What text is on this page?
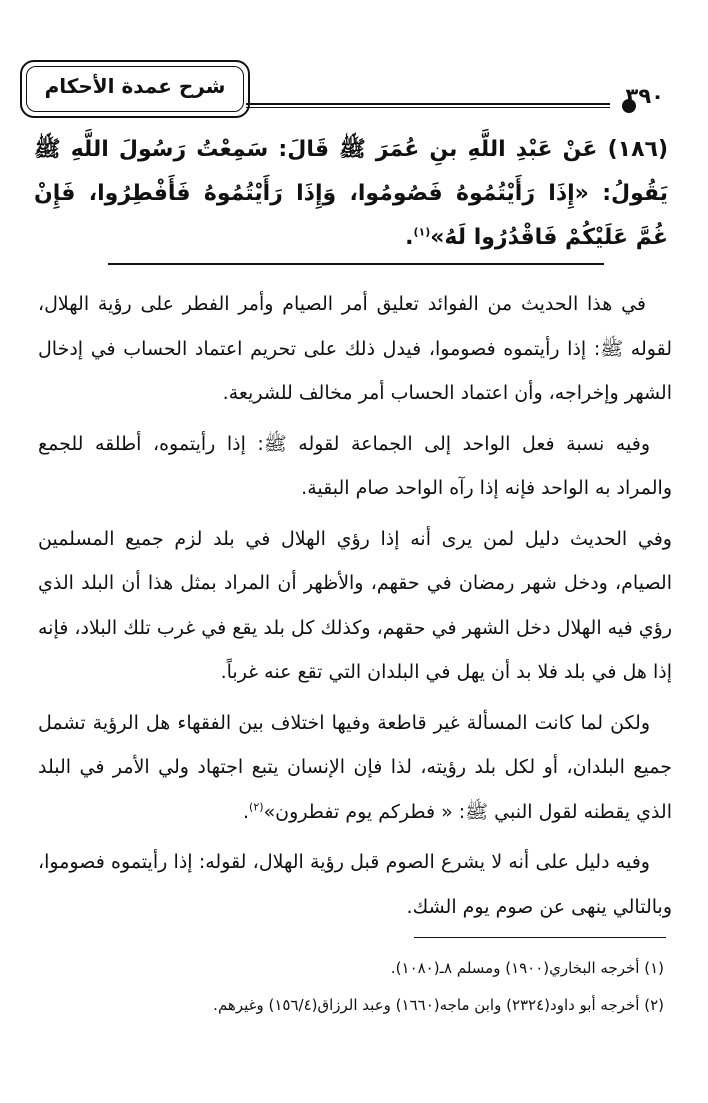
شرح عمدة الأحكام	٣٩٠
(١٨٦) عَنْ عَبْدِ اللَّهِ بنِ عُمَرَ ﷺ قَالَ: سَمِعْتُ رَسُولَ اللَّهِ ﷺ يَقُولُ: «إِذَا رَأَيْتُمُوهُ فَصُومُوا، وَإِذَا رَأَيْتُمُوهُ فَأَفْطِرُوا، فَإِنْ غُمَّ عَلَيْكُمْ فَاقْدُرُوا لَهُ»$^{(١)}$.

في هذا الحديث من الفوائد تعليق أمر الصيام وأمر الفطر على رؤية الهلال، لقوله ﷺ: إذا رأيتموه فصوموا، فيدل ذلك على تحريم اعتماد الحساب في إدخال الشهر وإخراجه، وأن اعتماد الحساب أمر مخالف للشريعة.

وفيه نسبة فعل الواحد إلى الجماعة لقوله ﷺ: إذا رأيتموه، أطلقه للجمع والمراد به الواحد فإنه إذا رآه الواحد صام البقية.

وفي الحديث دليل لمن يرى أنه إذا رؤي الهلال في بلد لزم جميع المسلمين الصيام، ودخل شهر رمضان في حقهم، والأظهر أن المراد بمثل هذا أن البلد الذي رؤي فيه الهلال دخل الشهر في حقهم، وكذلك كل بلد يقع في غرب تلك البلاد، فإنه إذا هل في بلد فلا بد أن يهل في البلدان التي تقع عنه غرباً.

ولكن لما كانت المسألة غير قاطعة وفيها اختلاف بين الفقهاء هل الرؤية تشمل جميع البلدان، أو لكل بلد رؤيته، لذا فإن الإنسان يتبع اجتهاد ولي الأمر في البلد الذي يقطنه لقول النبي ﷺ: « فطركم يوم تفطرون»$^{(٢)}$.

وفيه دليل على أنه لا يشرع الصوم قبل رؤية الهلال، لقوله: إذا رأيتموه فصوموا، وبالتالي ينهى عن صوم يوم الشك.

(١) أخرجه البخاري(١٩٠٠) ومسلم ٨ـ(١٠٨٠).
(٢) أخرجه أبو داود(٢٣٢٤) وابن ماجه(١٦٦٠) وعبد الرزاق(١٥٦/٤) وغيرهم.
